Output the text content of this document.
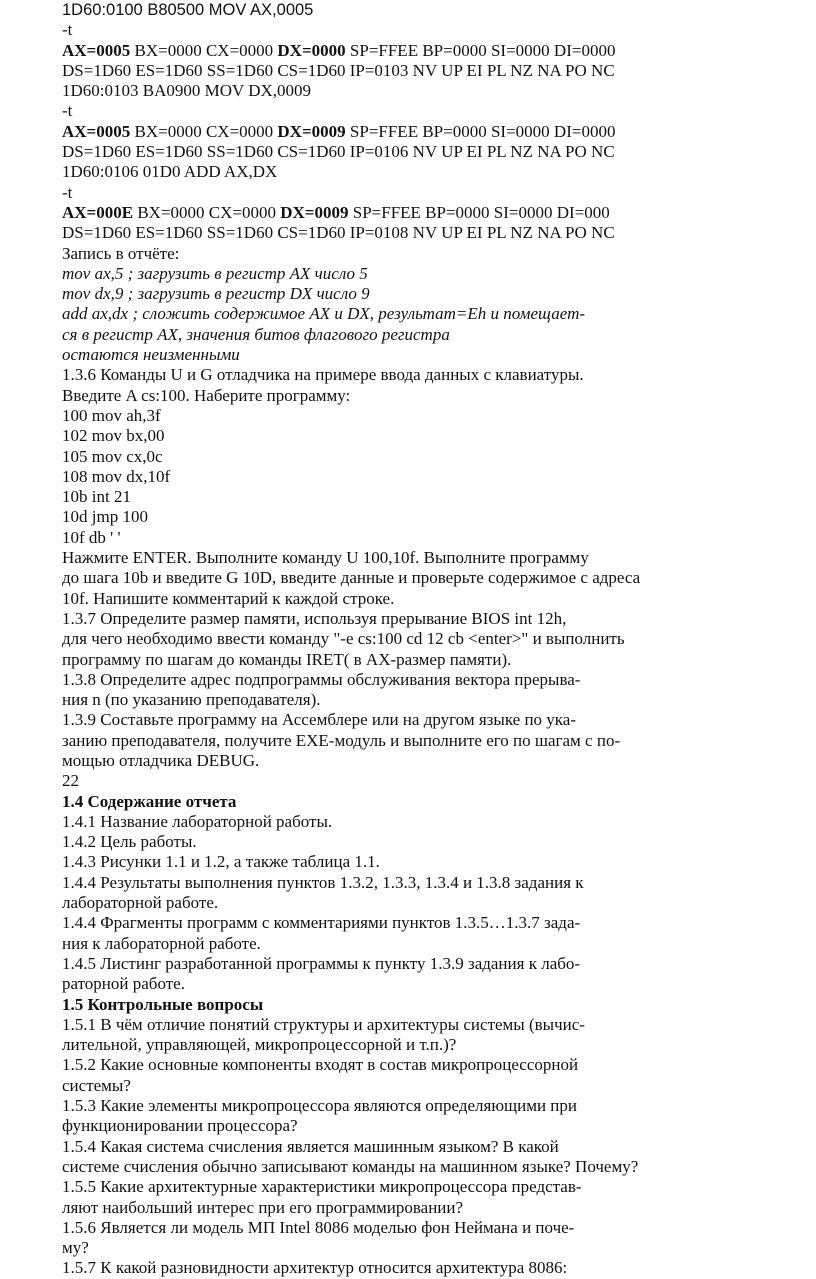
1D60:0100 B80500 MOV AX,0005
-t
AX=0005 BX=0000 CX=0000 DX=0000 SP=FFEE BP=0000 SI=0000 DI=0000
DS=1D60 ES=1D60 SS=1D60 CS=1D60 IP=0103 NV UP EI PL NZ NA PO NC
1D60:0103 BA0900 MOV DX,0009
-t
AX=0005 BX=0000 CX=0000 DX=0009 SP=FFEE BP=0000 SI=0000 DI=0000
DS=1D60 ES=1D60 SS=1D60 CS=1D60 IP=0106 NV UP EI PL NZ NA PO NC
1D60:0106 01D0 ADD AX,DX
-t
AX=000E BX=0000 CX=0000 DX=0009 SP=FFEE BP=0000 SI=0000 DI=000
DS=1D60 ES=1D60 SS=1D60 CS=1D60 IP=0108 NV UP EI PL NZ NA PO NC
Запись в отчёте:
mov ax,5 ; загрузить в регистр AX число 5
mov dx,9 ; загрузить в регистр DX число 9
add ax,dx ; сложить содержимое AX и DX, результат=Eh и помещает-
ся в регистр AX, значения битов флагового регистра
остаются неизменными
1.3.6 Команды U и G отладчика на примере ввода данных с клавиатуры.
Введите A cs:100. Наберите программу:
100 mov ah,3f
102 mov bx,00
105 mov cx,0c
108 mov dx,10f
10b int 21
10d jmp 100
10f db ' '
Нажмите ENTER. Выполните команду U 100,10f. Выполните программу
до шага 10b и введите G 10D, введите данные и проверьте содержимое с адреса
10f. Напишите комментарий к каждой строке.
1.3.7 Определите размер памяти, используя прерывание BIOS int 12h,
для чего необходимо ввести команду "-e cs:100 cd 12 cb <enter>" и выполнить
программу по шагам до команды IRET( в AX-размер памяти).
1.3.8 Определите адрес подпрограммы обслуживания вектора прерыва-
ния n (по указанию преподавателя).
1.3.9 Составьте программу на Ассемблере или на другом языке по ука-
занию преподавателя, получите EXE-модуль и выполните его по шагам с по-
мощью отладчика DEBUG.
22
1.4 Содержание отчета
1.4.1 Название лабораторной работы.
1.4.2 Цель работы.
1.4.3 Рисунки 1.1 и 1.2, а также таблица 1.1.
1.4.4 Результаты выполнения пунктов 1.3.2, 1.3.3, 1.3.4 и 1.3.8 задания к
лабораторной работе.
1.4.4 Фрагменты программ с комментариями пунктов 1.3.5…1.3.7 зада-
ния к лабораторной работе.
1.4.5 Листинг разработанной программы к пункту 1.3.9 задания к лабо-
раторной работе.
1.5 Контрольные вопросы
1.5.1 В чём отличие понятий структуры и архитектуры системы (вычис-
лительной, управляющей, микропроцессорной и т.п.)?
1.5.2 Какие основные компоненты входят в состав микропроцессорной
системы?
1.5.3 Какие элементы микропроцессора являются определяющими при
функционировании процессора?
1.5.4 Какая система счисления является машинным языком? В какой
системе счисления обычно записывают команды на машинном языке? Почему?
1.5.5 Какие архитектурные характеристики микропроцессора представ-
ляют наибольший интерес при его программировании?
1.5.6 Является ли модель МП Intel 8086 моделью фон Неймана и поче-
му?
1.5.7 К какой разновидности архитектур относится архитектура 8086:
